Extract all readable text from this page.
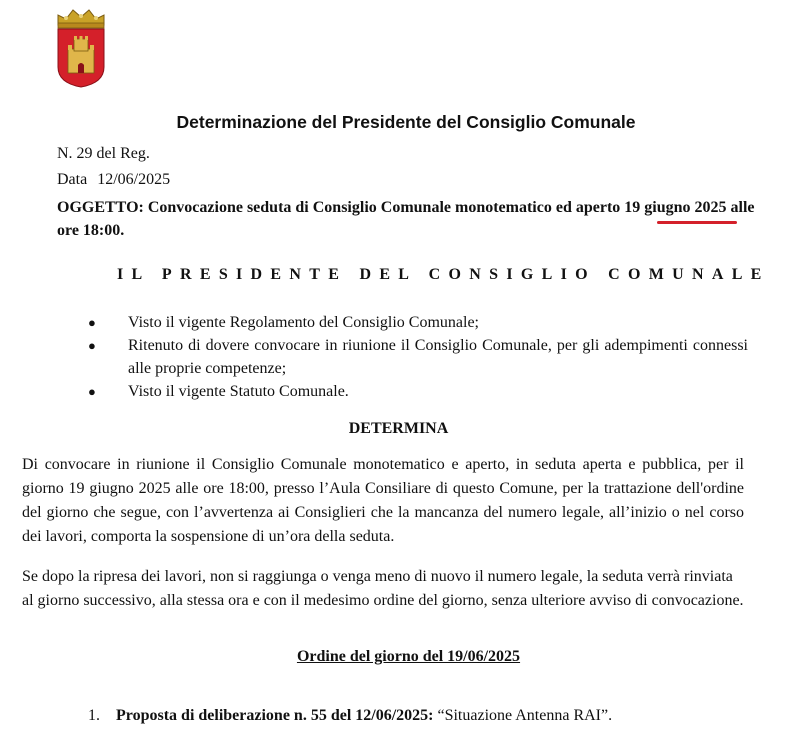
Determinazione del Presidente del Consiglio Comunale
N. 29 del Reg.
Data 12/06/2025
OGGETTO: Convocazione seduta di Consiglio Comunale monotematico ed aperto 19 giugno 2025 alle ore 18:00.
IL PRESIDENTE DEL CONSIGLIO COMUNALE
● Visto il vigente Regolamento del Consiglio Comunale;
● Ritenuto di dovere convocare in riunione il Consiglio Comunale, per gli adempimenti connessi alle proprie competenze;
● Visto il vigente Statuto Comunale.
DETERMINA
Di convocare in riunione il Consiglio Comunale monotematico e aperto, in seduta aperta e pubblica, per il giorno 19 giugno 2025 alle ore 18:00, presso l’Aula Consiliare di questo Comune, per la trattazione dell'ordine del giorno che segue, con l’avvertenza ai Consiglieri che la mancanza del numero legale, all’inizio o nel corso dei lavori, comporta la sospensione di un’ora della seduta.
Se dopo la ripresa dei lavori, non si raggiunga o venga meno di nuovo il numero legale, la seduta verrà rinviata al giorno successivo, alla stessa ora e con il medesimo ordine del giorno, senza ulteriore avviso di convocazione.
Ordine del giorno del 19/06/2025
1. Proposta di deliberazione n. 55 del 12/06/2025: “Situazione Antenna RAI”.
